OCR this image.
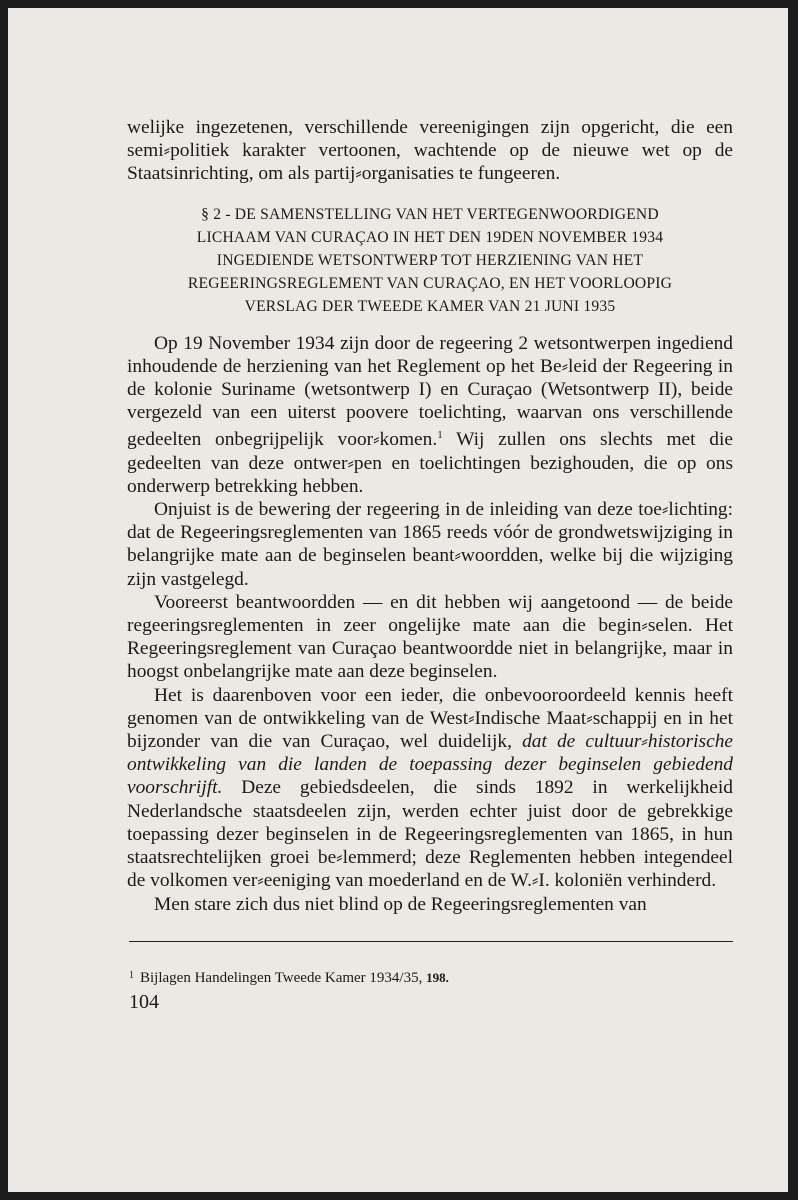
welijke ingezetenen, verschillende vereenigingen zijn opgericht, die een semi⸗politiek karakter vertoonen, wachtende op de nieuwe wet op de Staatsinrichting, om als partij⸗organisaties te fungeeren.

§ 2 - DE SAMENSTELLING VAN HET VERTEGENWOORDIGEND
LICHAAM VAN CURAÇAO IN HET DEN 19DEN NOVEMBER 1934
INGEDIENDE WETSONTWERP TOT HERZIENING VAN HET
REGEERINGSREGLEMENT VAN CURAÇAO, EN HET VOORLOOPIG
VERSLAG DER TWEEDE KAMER VAN 21 JUNI 1935

Op 19 November 1934 zijn door de regeering 2 wetsontwerpen ingediend inhoudende de herziening van het Reglement op het Be⸗leid der Regeering in de kolonie Suriname (wetsontwerp I) en Curaçao (Wetsontwerp II), beide vergezeld van een uiterst poovere toelichting, waarvan ons verschillende gedeelten onbegrijpelijk voor⸗komen.$^1$ Wij zullen ons slechts met die gedeelten van deze ontwer⸗pen en toelichtingen bezighouden, die op ons onderwerp betrekking hebben.

Onjuist is de bewering der regeering in de inleiding van deze toe⸗lichting: dat de Regeeringsreglementen van 1865 reeds vóór de grondwetswijziging in belangrijke mate aan de beginselen beant⸗woordden, welke bij die wijziging zijn vastgelegd.

Vooreerst beantwoordden — en dit hebben wij aangetoond — de beide regeeringsreglementen in zeer ongelijke mate aan die begin⸗selen. Het Regeeringsreglement van Curaçao beantwoordde niet in belangrijke, maar in hoogst onbelangrijke mate aan deze beginselen.

Het is daarenboven voor een ieder, die onbevooroordeeld kennis heeft genomen van de ontwikkeling van de West⸗Indische Maat⸗schappij en in het bijzonder van die van Curaçao, wel duidelijk, dat de cultuur⸗historische ontwikkeling van die landen de toepassing dezer beginselen gebiedend voorschrijft. Deze gebiedsdeelen, die sinds 1892 in werkelijkheid Nederlandsche staatsdeelen zijn, werden echter juist door de gebrekkige toepassing dezer beginselen in de Regeeringsreglementen van 1865, in hun staatsrechtelijken groei be⸗lemmerd; deze Reglementen hebben integendeel de volkomen ver⸗eeniging van moederland en de W.⸗I. koloniën verhinderd.

Men stare zich dus niet blind op de Regeeringsreglementen van

$^1$ Bijlagen Handelingen Tweede Kamer 1934/35, 198.
104
